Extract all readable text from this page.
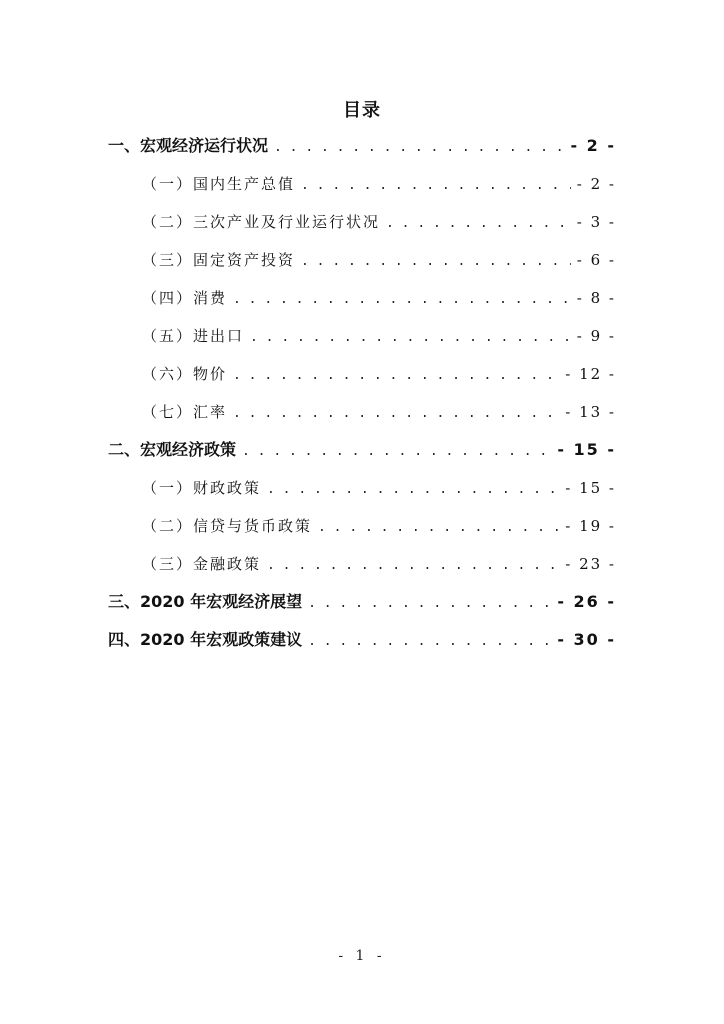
目录
一、宏观经济运行状况 . . .	- 2 -
（一）国内生产总值 . . .	- 2 -
（二）三次产业及行业运行状况 . . .	- 3 -
（三）固定资产投资 . . .	- 6 -
（四）消费 . . .	- 8 -
（五）进出口 . . .	- 9 -
（六）物价 . . .	- 12 -
（七）汇率 . . .	- 13 -
二、宏观经济政策 . . .	- 15 -
（一）财政政策 . . .	- 15 -
（二）信贷与货币政策 . . .	- 19 -
（三）金融政策 . . .	- 23 -
三、2020 年宏观经济展望 . . .	- 26 -
四、2020 年宏观政策建议 . . .	- 30 -
- 1 -
